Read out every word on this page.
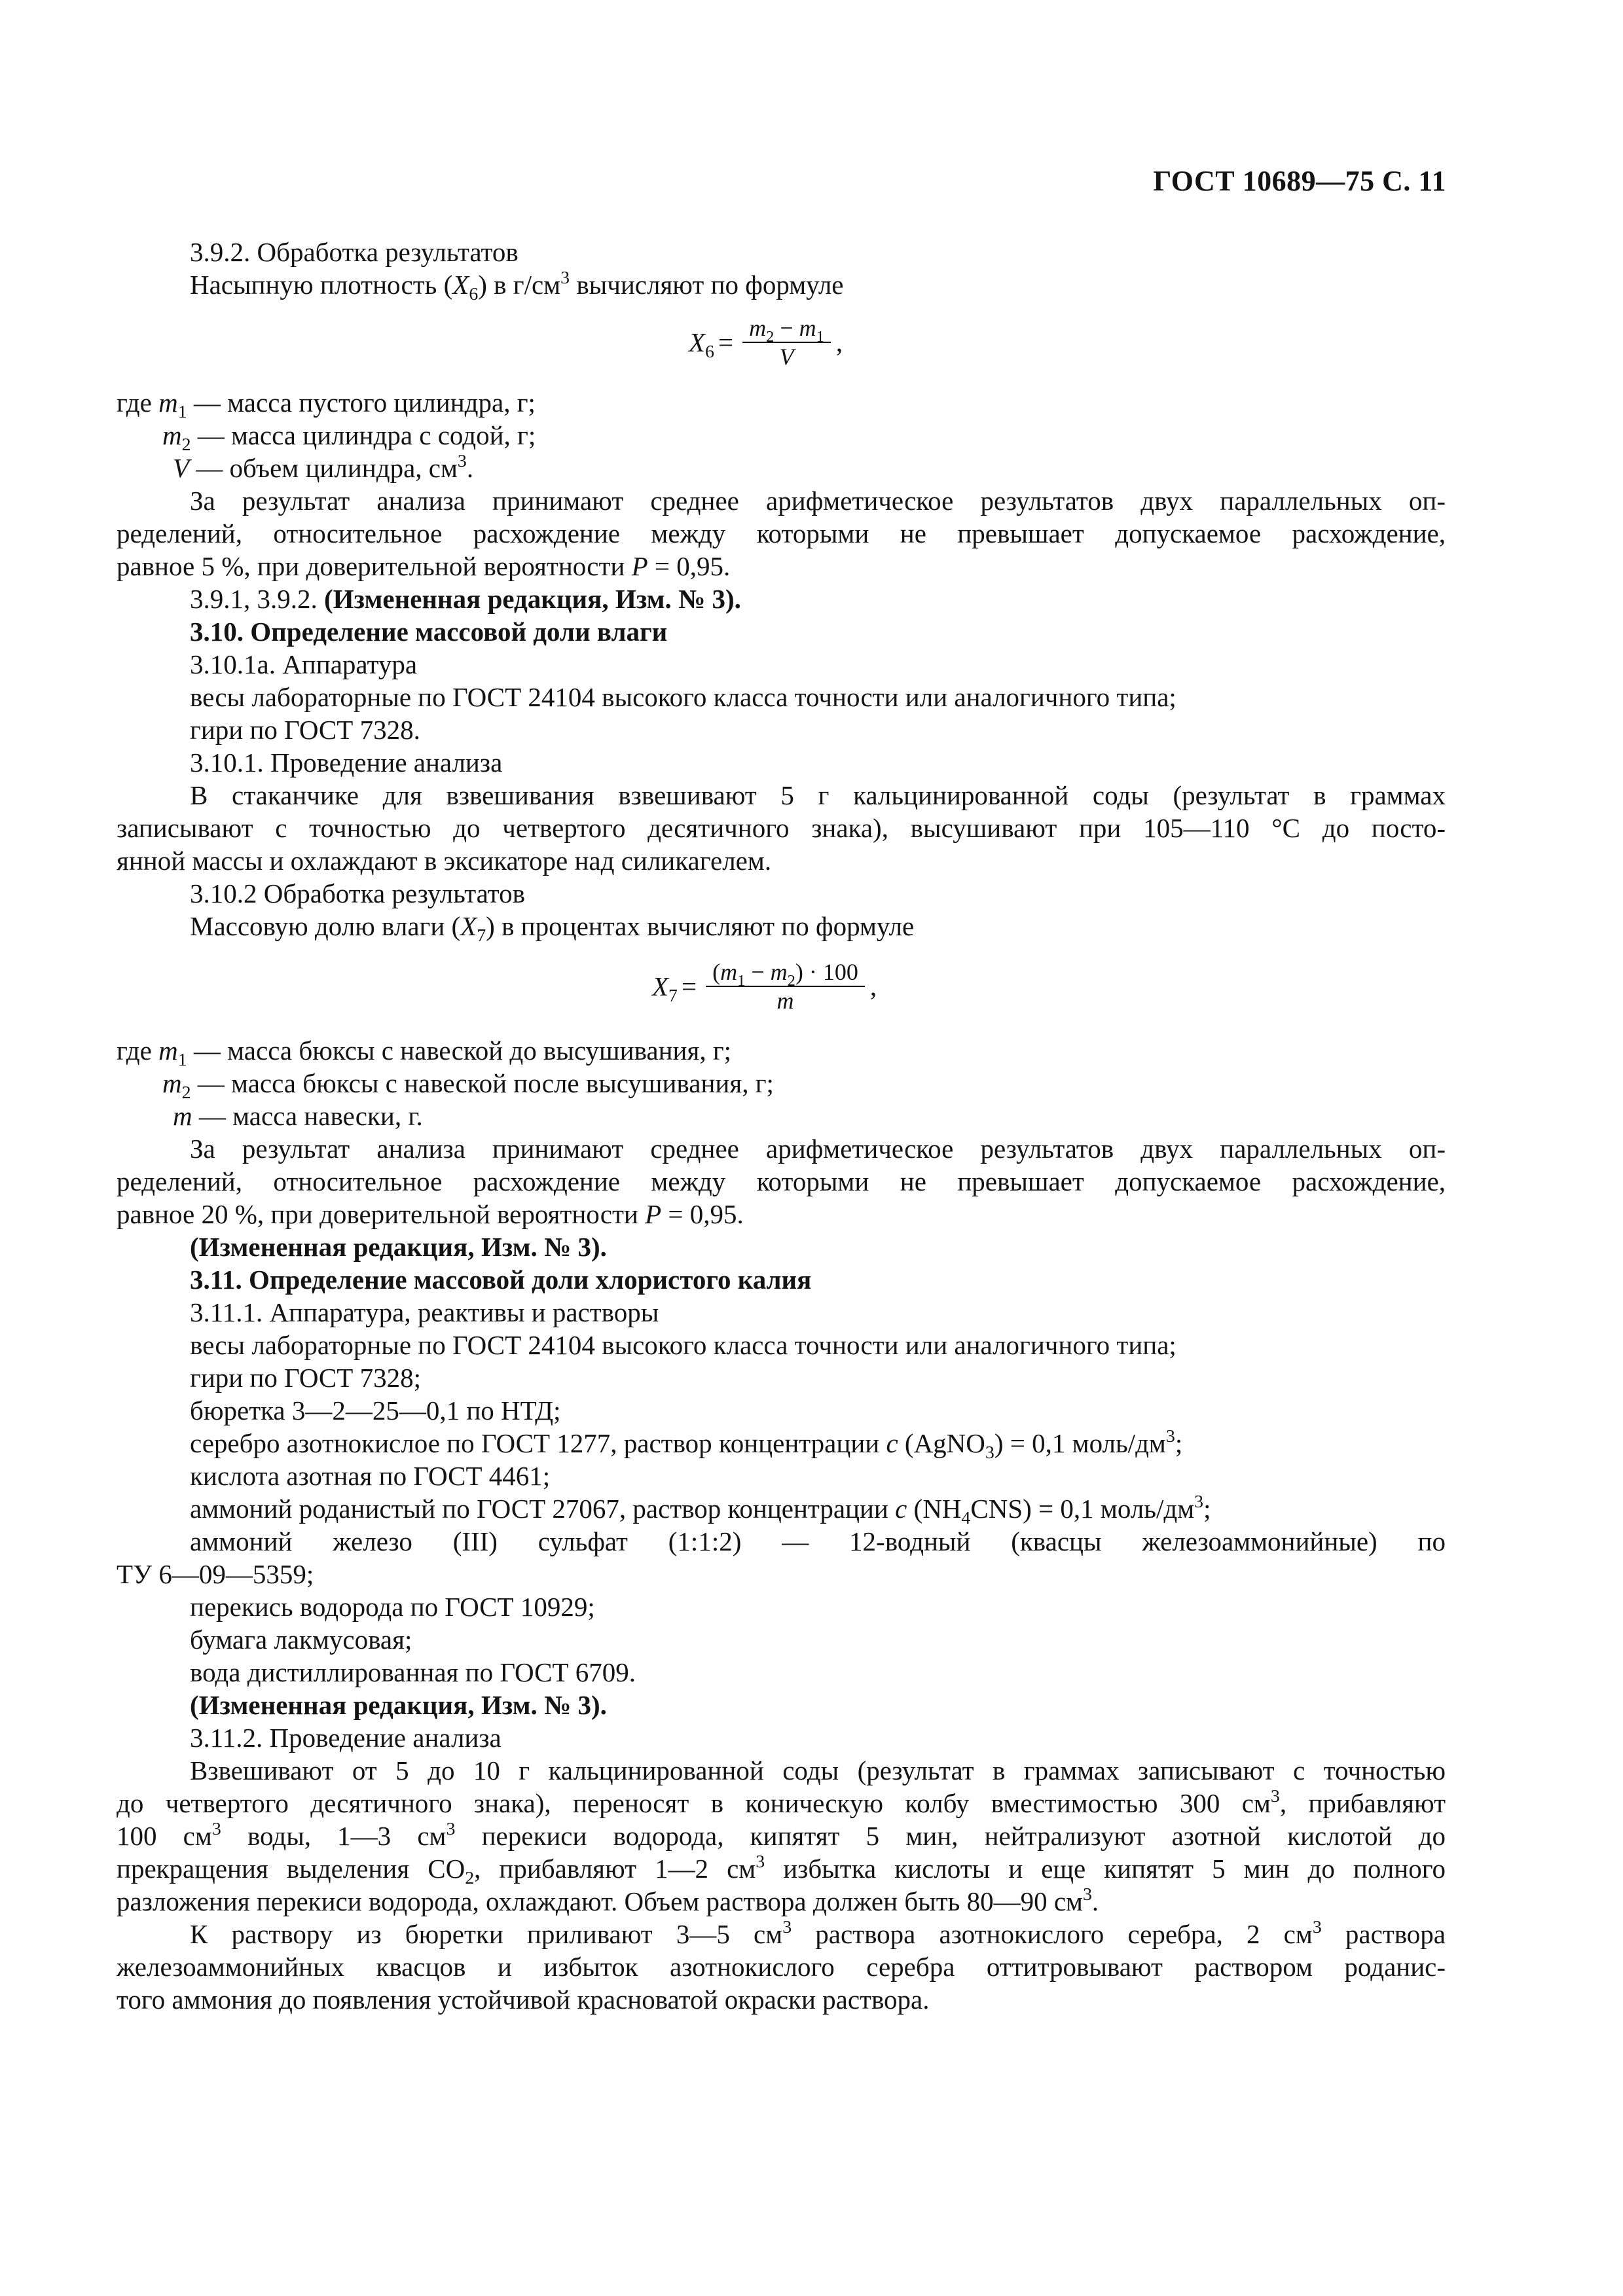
ГОСТ 10689—75 С. 11
3.9.2. Обработка результатов
Насыпную плотность $(X_6)$ в $г/см^3$ вычисляют по формуле
$X_6 = \frac{m_2 - m_1}{V}$ ,
где $m_1$ — масса пустого цилиндра, г;
$m_2$ — масса цилиндра с содой, г;
V — объем цилиндра, $см^3$.
За результат анализа принимают среднее арифметическое результатов двух параллельных оп-
ределений, относительное расхождение между которыми не превышает допускаемое расхождение,
равное 5 %, при доверительной вероятности Р = 0,95.
3.9.1, 3.9.2. (Измененная редакция, Изм. № 3).
3.10. Определение массовой доли влаги
3.10.1а. Аппаратура
весы лабораторные по ГОСТ 24104 высокого класса точности или аналогичного типа;
гири по ГОСТ 7328.
3.10.1. Проведение анализа
В стаканчике для взвешивания взвешивают 5 г кальцинированной соды (результат в граммах
записывают с точностью до четвертого десятичного знака), высушивают при 105—110 °С до посто-
янной массы и охлаждают в эксикаторе над силикагелем.
3.10.2 Обработка результатов
Массовую долю влаги $(X_7)$ в процентах вычисляют по формуле
$X_7 = \frac{(m_1 - m_2) \cdot 100}{m}$ ,
где $m_1$ — масса бюксы с навеской до высушивания, г;
$m_2$ — масса бюксы с навеской после высушивания, г;
m — масса навески, г.
За результат анализа принимают среднее арифметическое результатов двух параллельных оп-
ределений, относительное расхождение между которыми не превышает допускаемое расхождение,
равное 20 %, при доверительной вероятности Р = 0,95.
(Измененная редакция, Изм. № 3).
3.11. Определение массовой доли хлористого калия
3.11.1. Аппаратура, реактивы и растворы
весы лабораторные по ГОСТ 24104 высокого класса точности или аналогичного типа;
гири по ГОСТ 7328;
бюретка 3—2—25—0,1 по НТД;
серебро азотнокислое по ГОСТ 1277, раствор концентрации с (AgNO$_3$) = 0,1 моль/$дм^3$;
кислота азотная по ГОСТ 4461;
аммоний роданистый по ГОСТ 27067, раствор концентрации с $(NH_4CNS) = 0,1$ моль/$дм^3$;
аммоний железо (III) сульфат (1:1:2) — 12-водный (квасцы железоаммонийные) по
ТУ 6—09—5359;
перекись водорода по ГОСТ 10929;
бумага лакмусовая;
вода дистиллированная по ГОСТ 6709.
(Измененная редакция, Изм. № 3).
3.11.2. Проведение анализа
Взвешивают от 5 до 10 г кальцинированной соды (результат в граммах записывают с точностью
до четвертого десятичного знака), переносят в коническую колбу вместимостью 300 $см^3$, прибавляют
100 $см^3$ воды, 1—3 $см^3$ перекиси водорода, кипятят 5 мин, нейтрализуют азотной кислотой до
прекращения выделения $СО_2$, прибавляют 1—2 $см^3$ избытка кислоты и еще кипятят 5 мин до полного
разложения перекиси водорода, охлаждают. Объем раствора должен быть 80—90 $см^3$.
К раствору из бюретки приливают 3—5 $см^3$ раствора азотнокислого серебра, 2 $см^3$ раствора
железоаммонийных квасцов и избыток азотнокислого серебра оттитровывают раствором роданис-
того аммония до появления устойчивой красноватой окраски раствора.
